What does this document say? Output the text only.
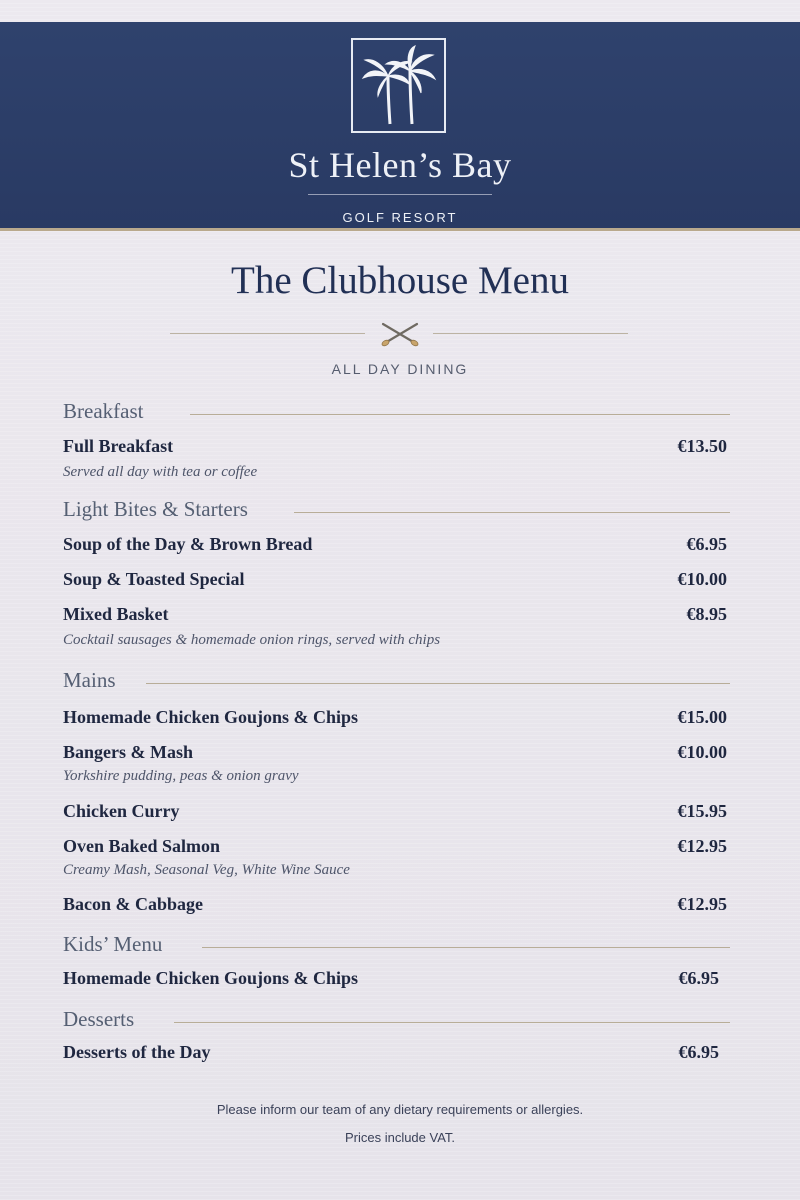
St Helen’s Bay
GOLF RESORT
The Clubhouse Menu
ALL DAY DINING
Breakfast
Full Breakfast	€13.50
Served all day with tea or coffee
Light Bites & Starters
Soup of the Day & Brown Bread	€6.95
Soup & Toasted Special	€10.00
Mixed Basket	€8.95
Cocktail sausages & homemade onion rings, served with chips
Mains
Homemade Chicken Goujons & Chips	€15.00
Bangers & Mash	€10.00
Yorkshire pudding, peas & onion gravy
Chicken Curry	€15.95
Oven Baked Salmon	€12.95
Creamy Mash, Seasonal Veg, White Wine Sauce
Bacon & Cabbage	€12.95
Kids’ Menu
Homemade Chicken Goujons & Chips	€6.95
Desserts
Desserts of the Day	€6.95
Please inform our team of any dietary requirements or allergies.
Prices include VAT.
